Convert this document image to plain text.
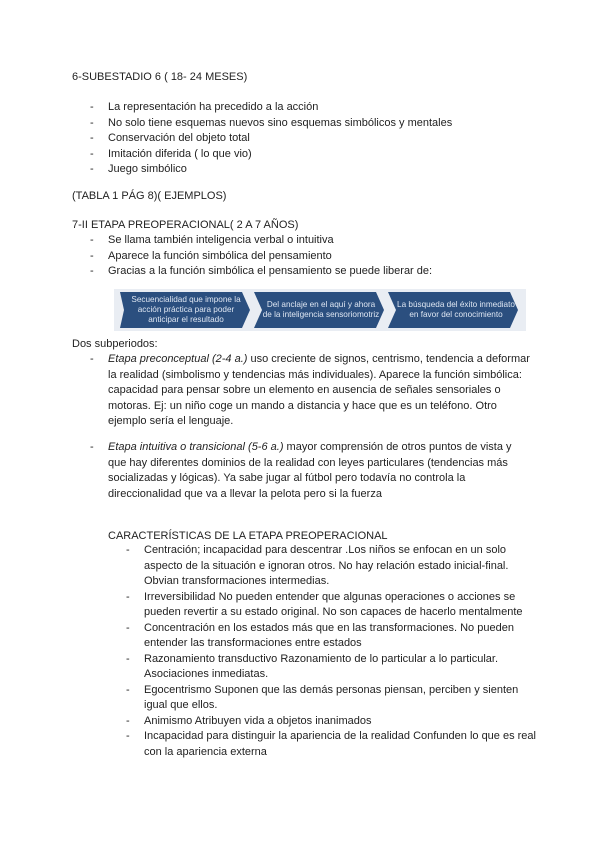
6-SUBESTADIO 6 ( 18- 24 MESES)
- La representación ha precedido a la acción
- No solo tiene esquemas nuevos sino esquemas simbólicos y mentales
- Conservación del objeto total
- Imitación diferida ( lo que vio)
- Juego simbólico
(TABLA 1 PÁG 8)( EJEMPLOS)
7-II ETAPA PREOPERACIONAL( 2 A 7 AÑOS)
- Se llama también inteligencia verbal o intuitiva
- Aparece la función simbólica del pensamiento
- Gracias a la función simbólica el pensamiento se puede liberar de:
Secuencialidad que impone la acción práctica para poder anticipar el resultado
Del anclaje en el aquí y ahora de la inteligencia sensoriomotriz
La búsqueda del éxito inmediato en favor del conocimiento
Dos subperiodos:
- Etapa preconceptual (2-4 a.) uso creciente de signos, centrismo, tendencia a deformar la realidad (simbolismo y tendencias más individuales). Aparece la función simbólica: capacidad para pensar sobre un elemento en ausencia de señales sensoriales o motoras. Ej: un niño coge un mando a distancia y hace que es un teléfono. Otro ejemplo sería el lenguaje.
- Etapa intuitiva o transicional (5-6 a.) mayor comprensión de otros puntos de vista y que hay diferentes dominios de la realidad con leyes particulares (tendencias más socializadas y lógicas). Ya sabe jugar al fútbol pero todavía no controla la direccionalidad que va a llevar la pelota pero si la fuerza
CARACTERÍSTICAS DE LA ETAPA PREOPERACIONAL
- Centración; incapacidad para descentrar .Los niños se enfocan en un solo aspecto de la situación e ignoran otros. No hay relación estado inicial-final. Obvian transformaciones intermedias.
- Irreversibilidad No pueden entender que algunas operaciones o acciones se pueden revertir a su estado original. No son capaces de hacerlo mentalmente
- Concentración en los estados más que en las transformaciones. No pueden entender las transformaciones entre estados
- Razonamiento transductivo Razonamiento de lo particular a lo particular. Asociaciones inmediatas.
- Egocentrismo Suponen que las demás personas piensan, perciben y sienten igual que ellos.
- Animismo Atribuyen vida a objetos inanimados
- Incapacidad para distinguir la apariencia de la realidad Confunden lo que es real con la apariencia externa
